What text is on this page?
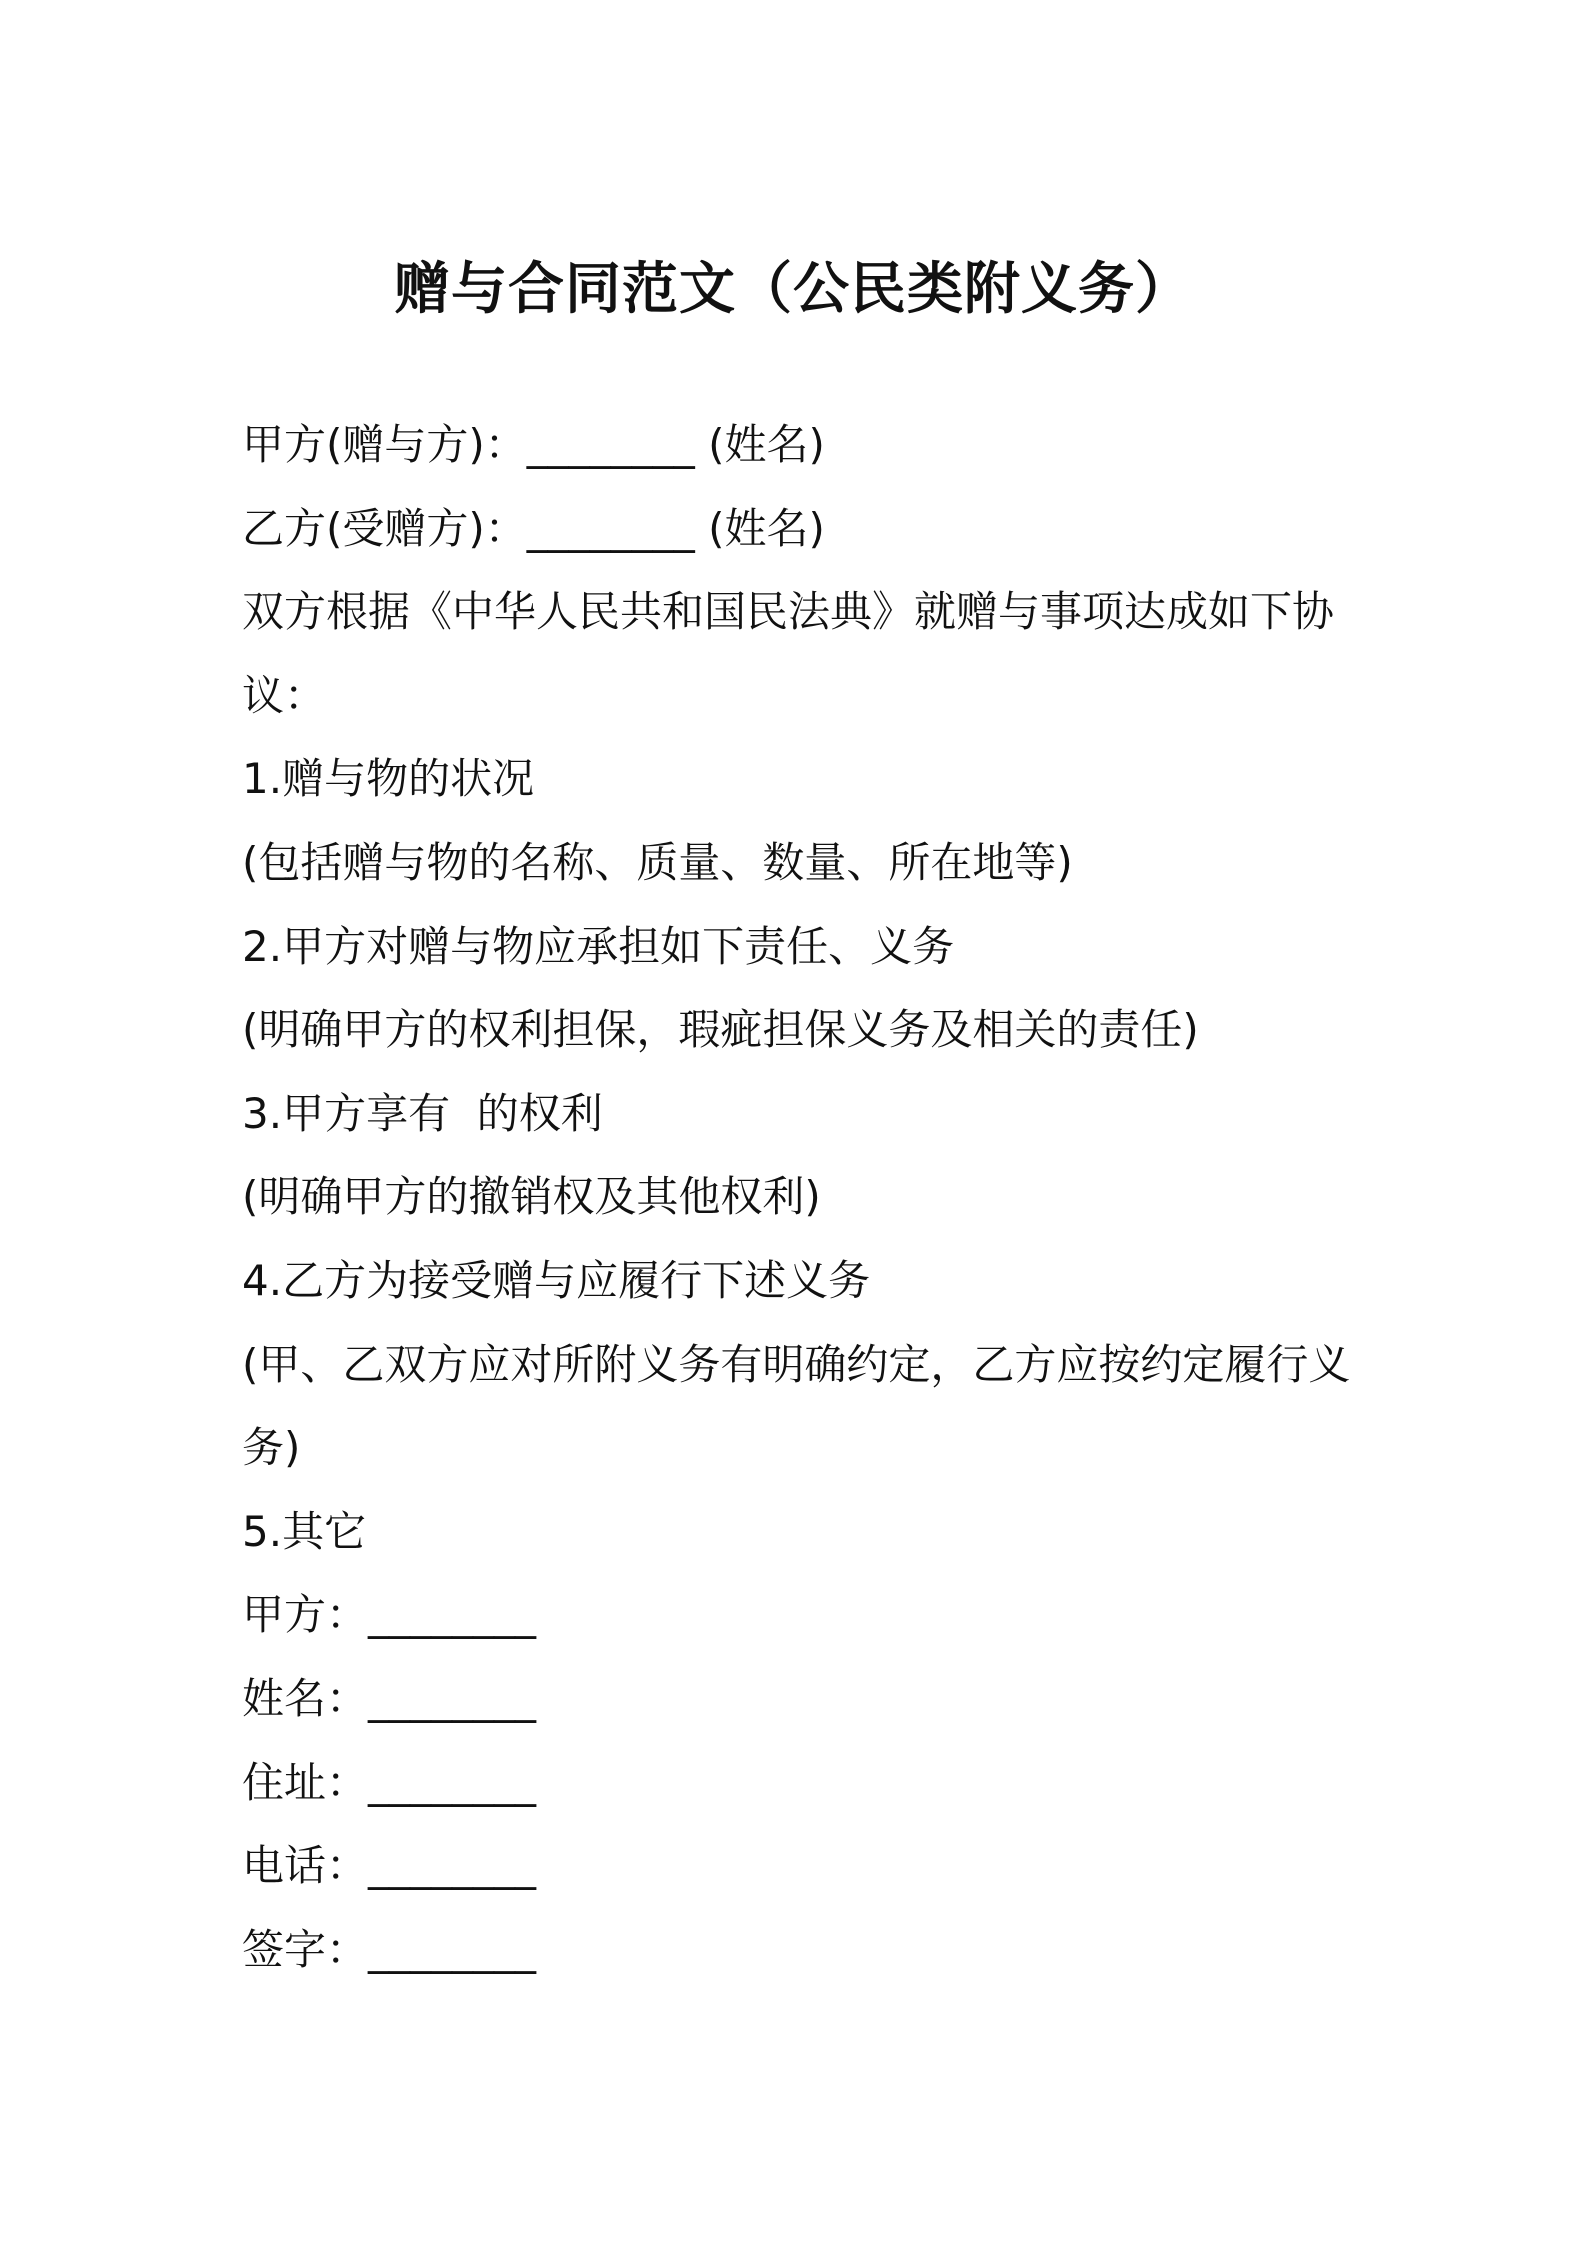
赠与合同范文（公民类附义务）

甲方(赠与方)：________ (姓名)

乙方(受赠方)：________ (姓名)

双方根据《中华人民共和国民法典》就赠与事项达成如下协

议：

1.赠与物的状况

(包括赠与物的名称、质量、数量、所在地等)

2.甲方对赠与物应承担如下责任、义务

(明确甲方的权利担保，瑕疵担保义务及相关的责任)

3.甲方享有  的权利

(明确甲方的撤销权及其他权利)

4.乙方为接受赠与应履行下述义务

(甲、乙双方应对所附义务有明确约定，乙方应按约定履行义

务)

5.其它

甲方：________

姓名：________

住址：________

电话：________

签字：________
